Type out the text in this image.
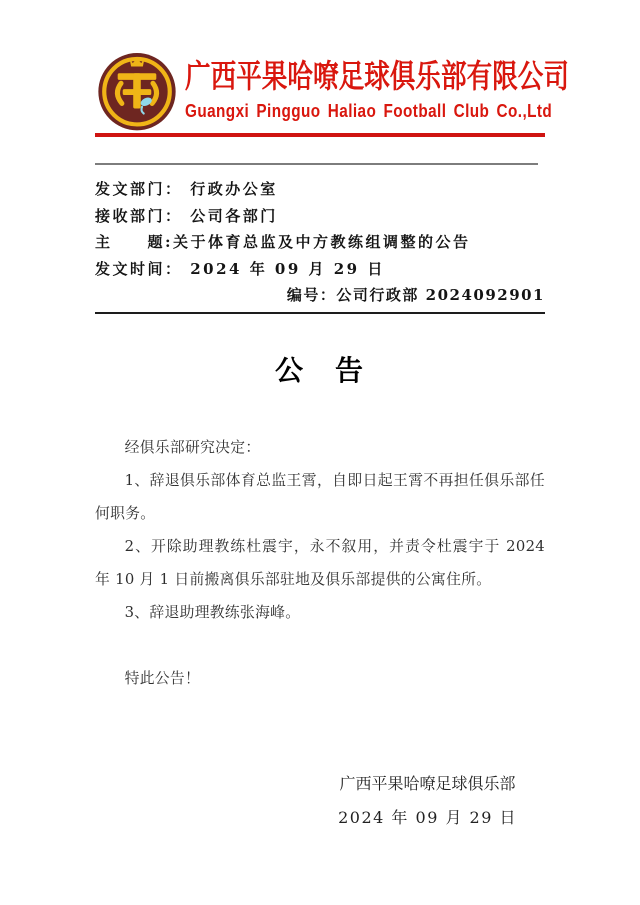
广西平果哈嘹足球俱乐部有限公司
Guangxi Pingguo Haliao Football Club Co.,Ltd
发文部门： 行政办公室
接收部门： 公司各部门
主　　题:关于体育总监及中方教练组调整的公告
发文时间： 2024 年 09 月 29 日
编号：公司行政部 2024092901
公　告

经俱乐部研究决定：

1、辞退俱乐部体育总监王霄，自即日起王霄不再担任俱乐部任何职务。

2、开除助理教练杜震宇，永不叙用，并责令杜震宇于 2024 年 10 月 1 日前搬离俱乐部驻地及俱乐部提供的公寓住所。

3、辞退助理教练张海峰。

特此公告！

广西平果哈嘹足球俱乐部
2024 年 09 月 29 日
